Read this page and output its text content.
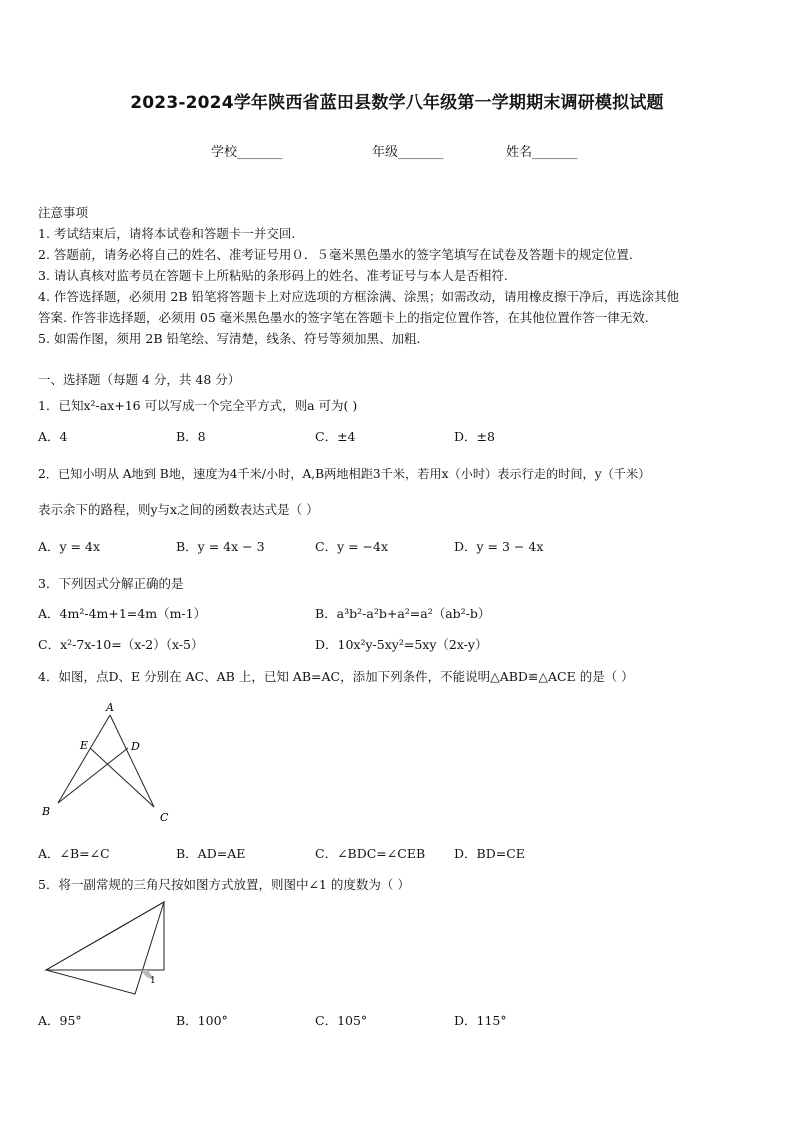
2023-2024学年陕西省蓝田县数学八年级第一学期期末调研模拟试题
学校_______	年级_______	姓名_______
注意事项
1. 考试结束后，请将本试卷和答题卡一并交回.
2. 答题前，请务必将自己的姓名、准考证号用０．５毫米黑色墨水的签字笔填写在试卷及答题卡的规定位置.
3. 请认真核对监考员在答题卡上所粘贴的条形码上的姓名、准考证号与本人是否相符.
4. 作答选择题，必须用 2B 铅笔将答题卡上对应选项的方框涂满、涂黑；如需改动，请用橡皮擦干净后，再选涂其他
答案. 作答非选择题，必须用 05 毫米黑色墨水的签字笔在答题卡上的指定位置作答，在其他位置作答一律无效.
5. 如需作图，须用 2B 铅笔绘、写清楚，线条、符号等须加黑、加粗.
一、选择题（每题 4 分，共 48 分）
1．已知x²-ax+16 可以写成一个完全平方式，则a 可为( )
A．4	B．8	C．±4	D．±8
2．已知小明从 A地到 B地，速度为4千米/小时，A,B两地相距3千米，若用x（小时）表示行走的时间，y（千米）
表示余下的路程，则y与x之间的函数表达式是（ ）
A．y = 4x	B．y = 4x − 3	C．y = −4x	D．y = 3 − 4x
3．下列因式分解正确的是
A．4m²-4m+1=4m（m-1）	B．a³b²-a²b+a²=a²（ab²-b）
C．x²-7x-10=（x-2）（x-5）	D．10x²y-5xy²=5xy（2x-y）
4．如图，点D、E 分别在 AC、AB 上，已知 AB=AC，添加下列条件，不能说明△ABD≌△ACE 的是（ ）
A
B	C
D
E
A．∠B=∠C	B．AD=AE	C．∠BDC=∠CEB D．BD=CE
5．将一副常规的三角尺按如图方式放置，则图中∠1 的度数为（ ）
1
A．95°	B．100°	C．105°	D．115°
